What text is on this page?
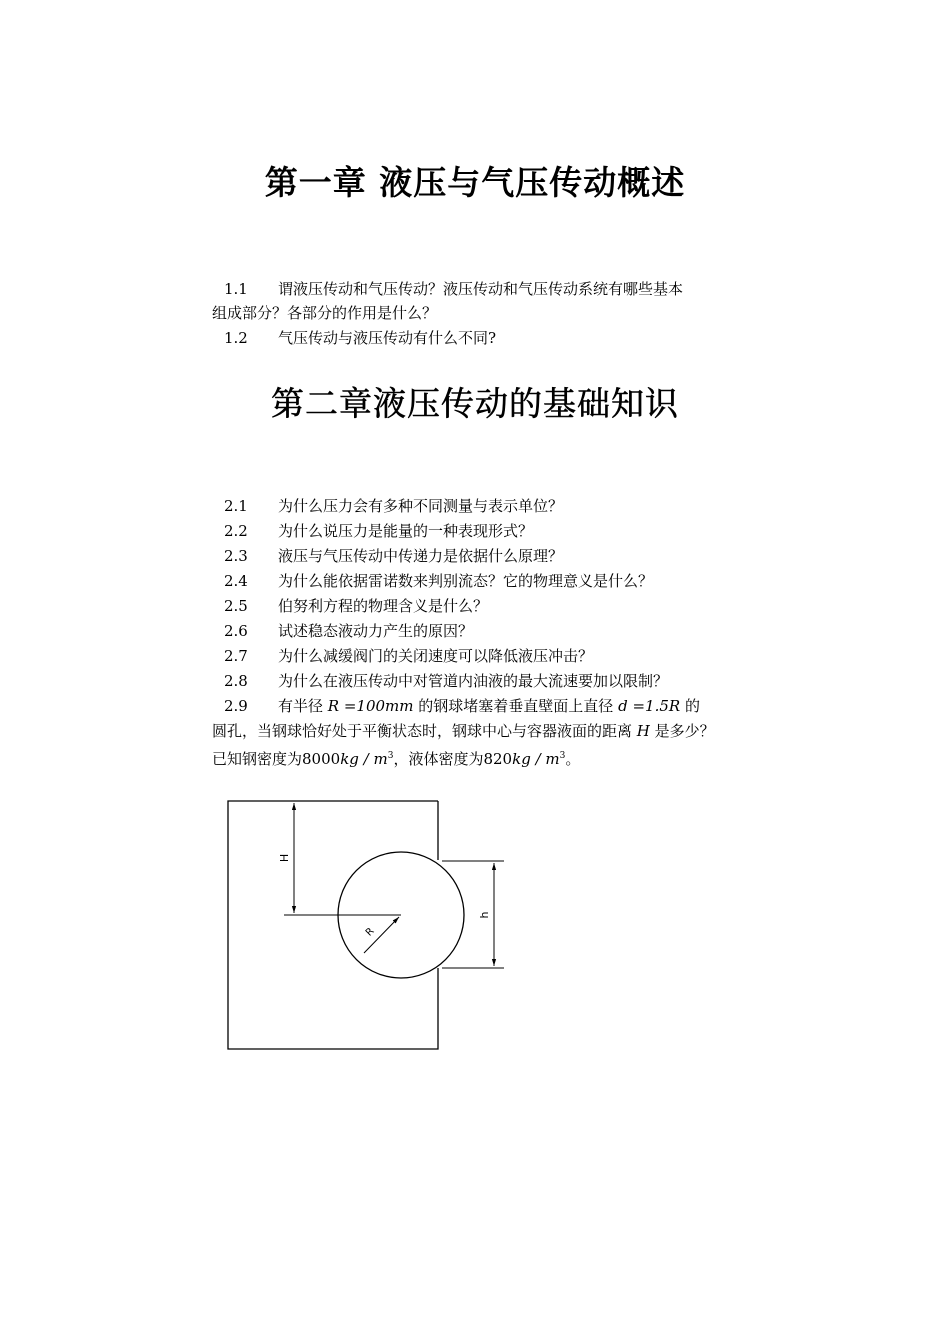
第一章 液压与气压传动概述
1.1	谓液压传动和气压传动？液压传动和气压传动系统有哪些基本
组成部分？各部分的作用是什么？
1.2	气压传动与液压传动有什么不同?
第二章液压传动的基础知识
2.1	为什么压力会有多种不同测量与表示单位？
2.2	为什么说压力是能量的一种表现形式？
2.3	液压与气压传动中传递力是依据什么原理？
2.4	为什么能依据雷诺数来判别流态？它的物理意义是什么？
2.5	伯努利方程的物理含义是什么？
2.6	试述稳态液动力产生的原因？
2.7	为什么减缓阀门的关闭速度可以降低液压冲击？
2.8	为什么在液压传动中对管道内油液的最大流速要加以限制？
2.9	有半径 R =100mm 的钢球堵塞着垂直壁面上直径 d =1.5R 的
圆孔，当钢球恰好处于平衡状态时，钢球中心与容器液面的距离 H 是多少？
已知钢密度为$8000kg / m^3$，液体密度为$820kg / m^3$。
H
h
R
